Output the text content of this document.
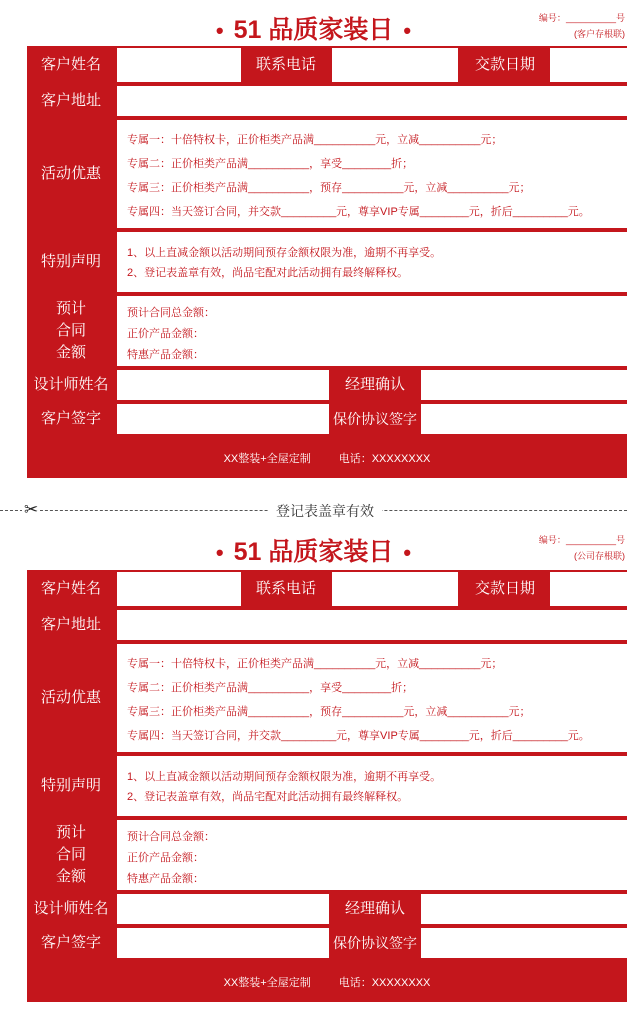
• 51 品质家装日 •	编号：__________号
(客户存根联)
客户姓名	联系电话	交款日期
客户地址
活动优惠
专属一：十倍特权卡，正价柜类产品满__________元，立减__________元；
专属二：正价柜类产品满__________，享受________折；
专属三：正价柜类产品满__________，预存__________元，立减__________元；
专属四：当天签订合同，并交款_________元，尊享VIP专属________元，折后_________元。
特别声明	1、以上直减金额以活动期间预存金额权限为准，逾期不再享受。
2、登记表盖章有效，尚品宅配对此活动拥有最终解释权。
预计合同金额
预计合同总金额：
正价产品金额：
特惠产品金额：
设计师姓名	经理确认
客户签字	保价协议签字
XX整装+全屋定制	电话：XXXXXXXX
✂	登记表盖章有效
• 51 品质家装日 •	编号：__________号
(公司存根联)
客户姓名	联系电话	交款日期
客户地址
活动优惠
专属一：十倍特权卡，正价柜类产品满__________元，立减__________元；
专属二：正价柜类产品满__________，享受________折；
专属三：正价柜类产品满__________，预存__________元，立减__________元；
专属四：当天签订合同，并交款_________元，尊享VIP专属________元，折后_________元。
特别声明	1、以上直减金额以活动期间预存金额权限为准，逾期不再享受。
2、登记表盖章有效，尚品宅配对此活动拥有最终解释权。
预计合同金额
预计合同总金额：
正价产品金额：
特惠产品金额：
设计师姓名	经理确认
客户签字	保价协议签字
XX整装+全屋定制	电话：XXXXXXXX
